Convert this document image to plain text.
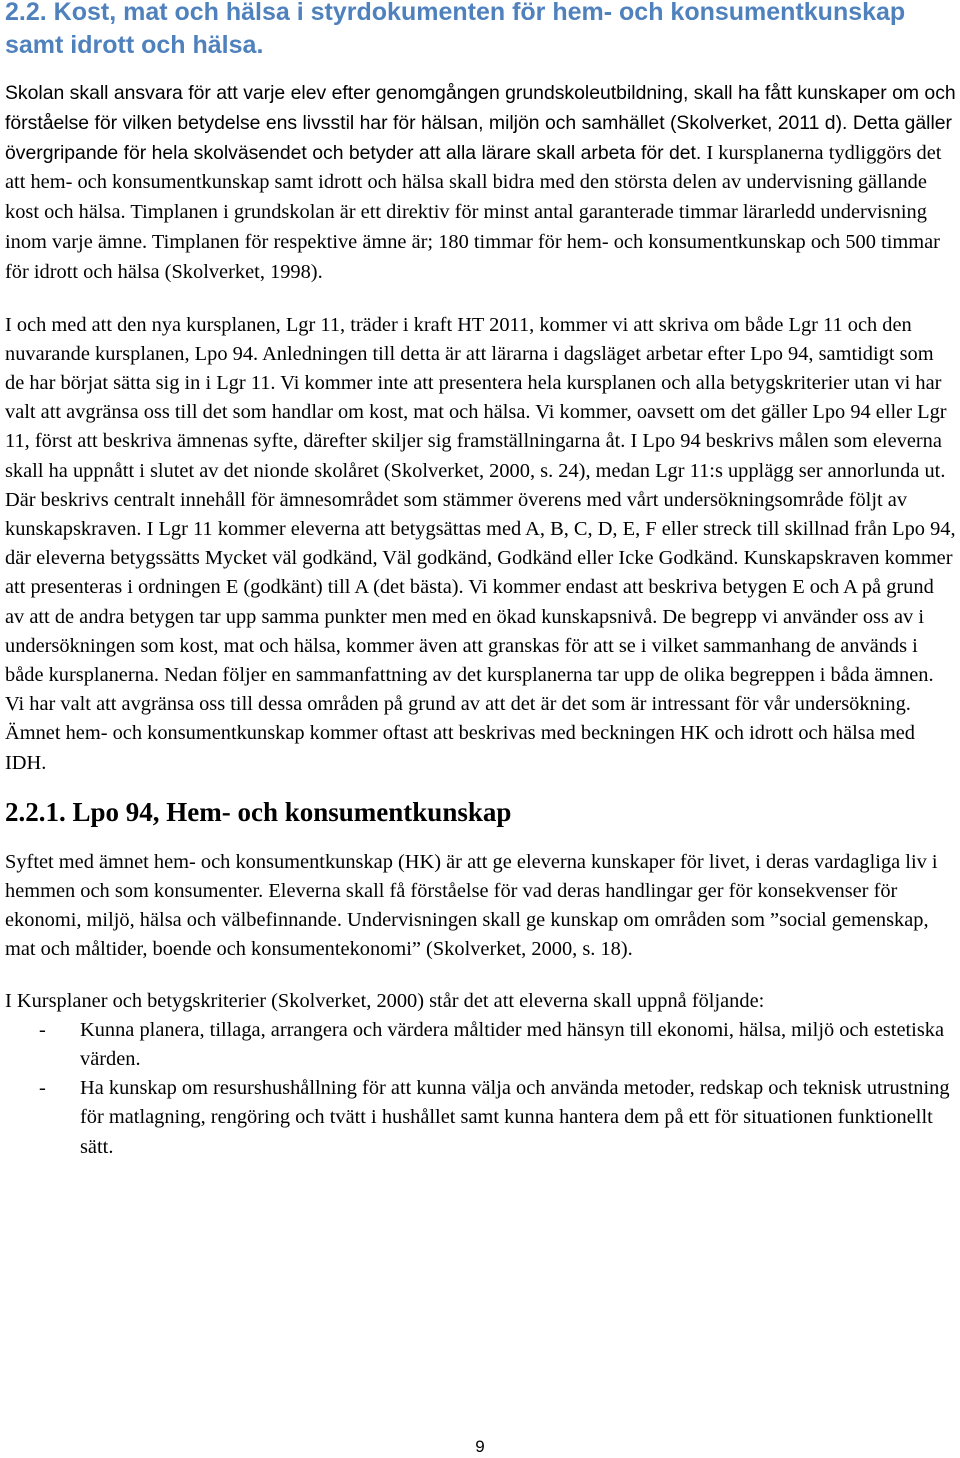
2.2. Kost, mat och hälsa i styrdokumenten för hem- och konsumentkunskap samt idrott och hälsa.

Skolan skall ansvara för att varje elev efter genomgången grundskoleutbildning, skall ha fått kunskaper om och förståelse för vilken betydelse ens livsstil har för hälsan, miljön och samhället (Skolverket, 2011 d). Detta gäller övergripande för hela skolväsendet och betyder att alla lärare skall arbeta för det. I kursplanerna tydliggörs det att hem- och konsumentkunskap samt idrott och hälsa skall bidra med den största delen av undervisning gällande kost och hälsa. Timplanen i grundskolan är ett direktiv för minst antal garanterade timmar lärarledd undervisning inom varje ämne. Timplanen för respektive ämne är; 180 timmar för hem- och konsumentkunskap och 500 timmar för idrott och hälsa (Skolverket, 1998).

I och med att den nya kursplanen, Lgr 11, träder i kraft HT 2011, kommer vi att skriva om både Lgr 11 och den nuvarande kursplanen, Lpo 94. Anledningen till detta är att lärarna i dagsläget arbetar efter Lpo 94, samtidigt som de har börjat sätta sig in i Lgr 11. Vi kommer inte att presentera hela kursplanen och alla betygskriterier utan vi har valt att avgränsa oss till det som handlar om kost, mat och hälsa. Vi kommer, oavsett om det gäller Lpo 94 eller Lgr 11, först att beskriva ämnenas syfte, därefter skiljer sig framställningarna åt. I Lpo 94 beskrivs målen som eleverna skall ha uppnått i slutet av det nionde skolåret (Skolverket, 2000, s. 24), medan Lgr 11:s upplägg ser annorlunda ut. Där beskrivs centralt innehåll för ämnesområdet som stämmer överens med vårt undersökningsområde följt av kunskapskraven. I Lgr 11 kommer eleverna att betygsättas med A, B, C, D, E, F eller streck till skillnad från Lpo 94, där eleverna betygssätts Mycket väl godkänd, Väl godkänd, Godkänd eller Icke Godkänd. Kunskapskraven kommer att presenteras i ordningen E (godkänt) till A (det bästa). Vi kommer endast att beskriva betygen E och A på grund av att de andra betygen tar upp samma punkter men med en ökad kunskapsnivå. De begrepp vi använder oss av i undersökningen som kost, mat och hälsa, kommer även att granskas för att se i vilket sammanhang de används i både kursplanerna. Nedan följer en sammanfattning av det kursplanerna tar upp de olika begreppen i båda ämnen. Vi har valt att avgränsa oss till dessa områden på grund av att det är det som är intressant för vår undersökning. Ämnet hem- och konsumentkunskap kommer oftast att beskrivas med beckningen HK och idrott och hälsa med IDH.

2.2.1. Lpo 94, Hem- och konsumentkunskap

Syftet med ämnet hem- och konsumentkunskap (HK) är att ge eleverna kunskaper för livet, i deras vardagliga liv i hemmen och som konsumenter. Eleverna skall få förståelse för vad deras handlingar ger för konsekvenser för ekonomi, miljö, hälsa och välbefinnande. Undervisningen skall ge kunskap om områden som ”social gemenskap, mat och måltider, boende och konsumentekonomi” (Skolverket, 2000, s. 18).

I Kursplaner och betygskriterier (Skolverket, 2000) står det att eleverna skall uppnå följande:

- Kunna planera, tillaga, arrangera och värdera måltider med hänsyn till ekonomi, hälsa, miljö och estetiska värden.
- Ha kunskap om resurshushållning för att kunna välja och använda metoder, redskap och teknisk utrustning för matlagning, rengöring och tvätt i hushållet samt kunna hantera dem på ett för situationen funktionellt sätt.
9
